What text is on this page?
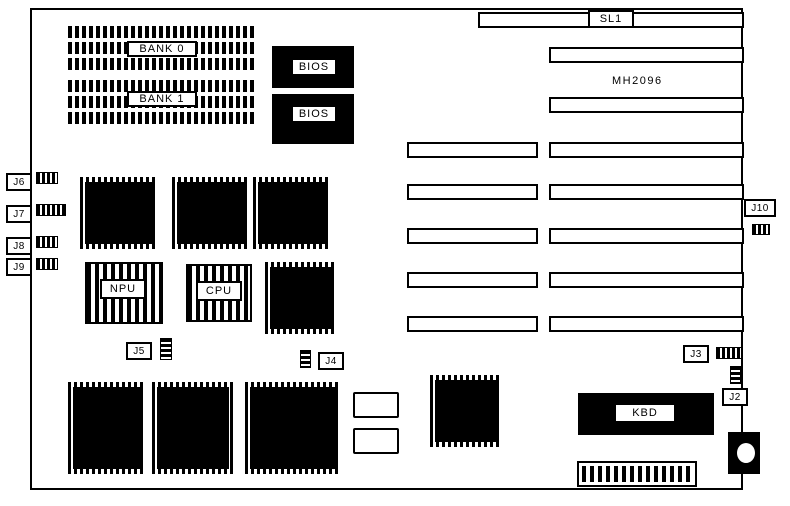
BANK 0
BANK 1
BIOS
BIOS
SL1
MH2096
J6
J7
J8
J9
NPU	CPU
J5
J4
KBD
J10
J3
J2
